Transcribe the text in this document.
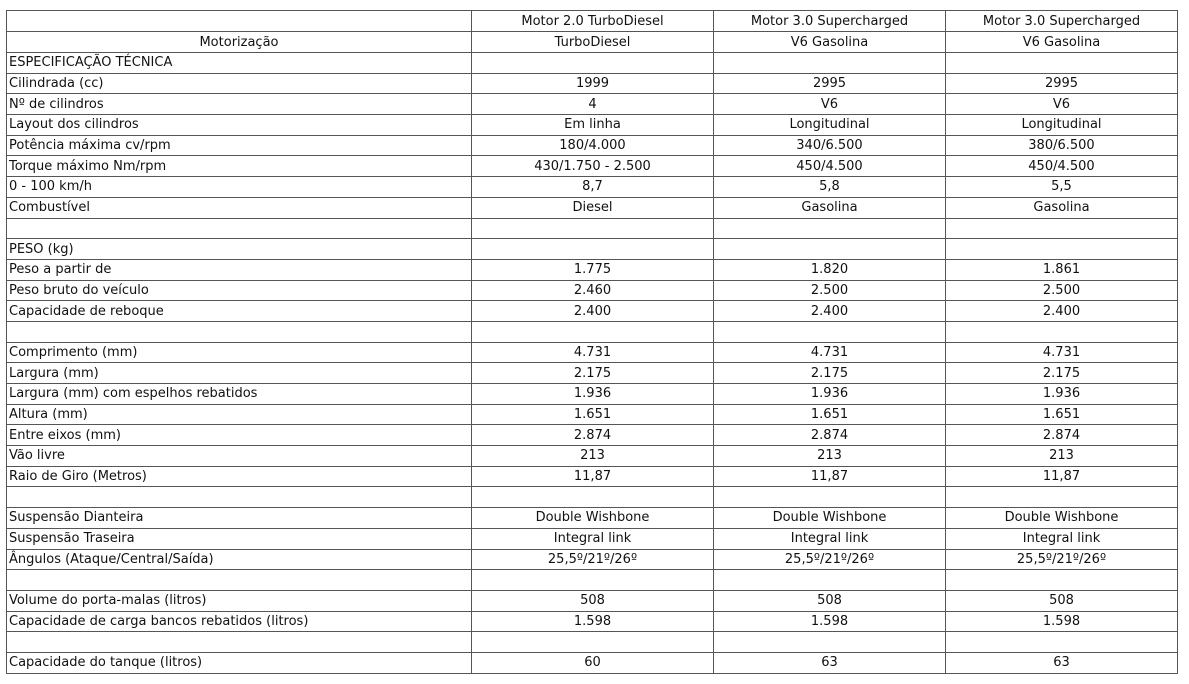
	Motor 2.0 TurboDiesel	Motor 3.0 Supercharged	Motor 3.0 Supercharged
Motorização	TurboDiesel	V6 Gasolina	V6 Gasolina
ESPECIFICAÇÃO TÉCNICA			
Cilindrada (cc)	1999	2995	2995
Nº de cilindros	4	V6	V6
Layout dos cilindros	Em linha	Longitudinal	Longitudinal
Potência máxima cv/rpm	180/4.000	340/6.500	380/6.500
Torque máximo Nm/rpm	430/1.750 - 2.500	450/4.500	450/4.500
0 - 100 km/h	8,7	5,8	5,5
Combustível	Diesel	Gasolina	Gasolina

PESO (kg)			
Peso a partir de	1.775	1.820	1.861
Peso bruto do veículo	2.460	2.500	2.500
Capacidade de reboque	2.400	2.400	2.400

Comprimento (mm)	4.731	4.731	4.731
Largura (mm)	2.175	2.175	2.175
Largura (mm) com espelhos rebatidos	1.936	1.936	1.936
Altura (mm)	1.651	1.651	1.651
Entre eixos (mm)	2.874	2.874	2.874
Vão livre	213	213	213
Raio de Giro (Metros)	11,87	11,87	11,87

Suspensão Dianteira	Double Wishbone	Double Wishbone	Double Wishbone
Suspensão Traseira	Integral link	Integral link	Integral link
Ângulos (Ataque/Central/Saída)	25,5º/21º/26º	25,5º/21º/26º	25,5º/21º/26º

Volume do porta-malas (litros)	508	508	508
Capacidade de carga bancos rebatidos (litros)	1.598	1.598	1.598

Capacidade do tanque (litros)	60	63	63
